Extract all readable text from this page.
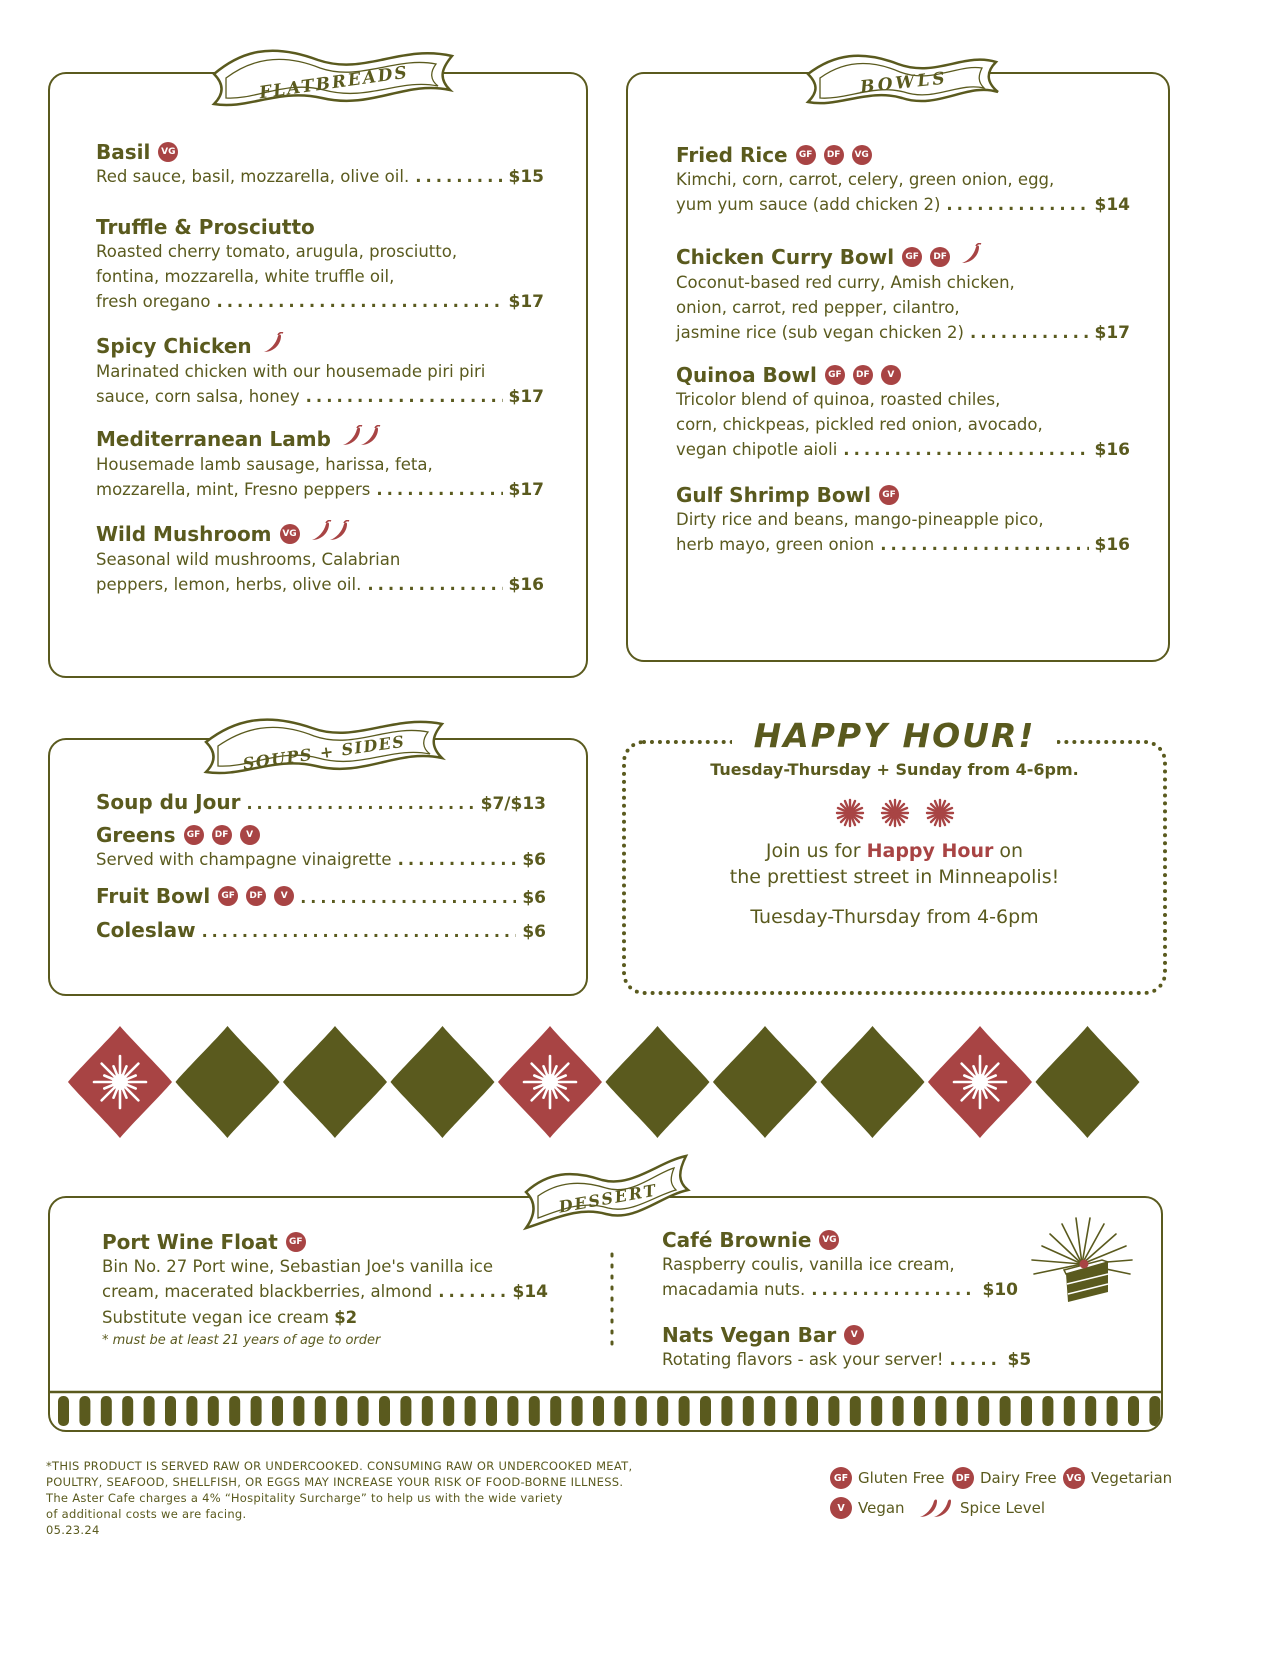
FLATBREADS
Basil	VG
Red sauce, basil, mozzarella, olive oil. .....	$15
Truffle & Prosciutto
Roasted cherry tomato, arugula, prosciutto,
fontina, mozzarella, white truffle oil,
fresh oregano .....	$17
Spicy Chicken
Marinated chicken with our housemade piri piri
sauce, corn salsa, honey .....	$17
Mediterranean Lamb
Housemade lamb sausage, harissa, feta,
mozzarella, mint, Fresno peppers .....	$17
Wild Mushroom	VG
Seasonal wild mushrooms, Calabrian
peppers, lemon, herbs, olive oil. .....	$16
BOWLS
Fried Rice	GF	DF	VG
Kimchi, corn, carrot, celery, green onion, egg,
yum yum sauce (add chicken 2) .....	$14
Chicken Curry Bowl	GF	DF
Coconut-based red curry, Amish chicken,
onion, carrot, red pepper, cilantro,
jasmine rice (sub vegan chicken 2) .....	$17
Quinoa Bowl	GF	DF	V
Tricolor blend of quinoa, roasted chiles,
corn, chickpeas, pickled red onion, avocado,
vegan chipotle aioli .....	$16
Gulf Shrimp Bowl	GF
Dirty rice and beans, mango-pineapple pico,
herb mayo, green onion .....	$16
SOUPS + SIDES
Soup du Jour .....	$7/$13
Greens	GF	DF	V
Served with champagne vinaigrette .....	$6
Fruit Bowl	GF	DF	V .....	$6
Coleslaw .....	$6
HAPPY HOUR!
Tuesday-Thursday + Sunday from 4-6pm.
Join us for Happy Hour on
the prettiest street in Minneapolis!
Tuesday-Thursday from 4-6pm
DESSERT
Port Wine Float	GF
Bin No. 27 Port wine, Sebastian Joe's vanilla ice
cream, macerated blackberries, almond .....	$14
Substitute vegan ice cream $2
* must be at least 21 years of age to order
Café Brownie	VG
Raspberry coulis, vanilla ice cream,
macadamia nuts. .....	$10
Nats Vegan Bar	V
Rotating flavors - ask your server! .....	$5
*THIS PRODUCT IS SERVED RAW OR UNDERCOOKED. CONSUMING RAW OR UNDERCOOKED MEAT,
POULTRY, SEAFOOD, SHELLFISH, OR EGGS MAY INCREASE YOUR RISK OF FOOD-BORNE ILLNESS.
The Aster Cafe charges a 4% “Hospitality Surcharge” to help us with the wide variety
of additional costs we are facing.
05.23.24
GF Gluten Free	DF Dairy Free	VG Vegetarian
V Vegan	Spice Level
